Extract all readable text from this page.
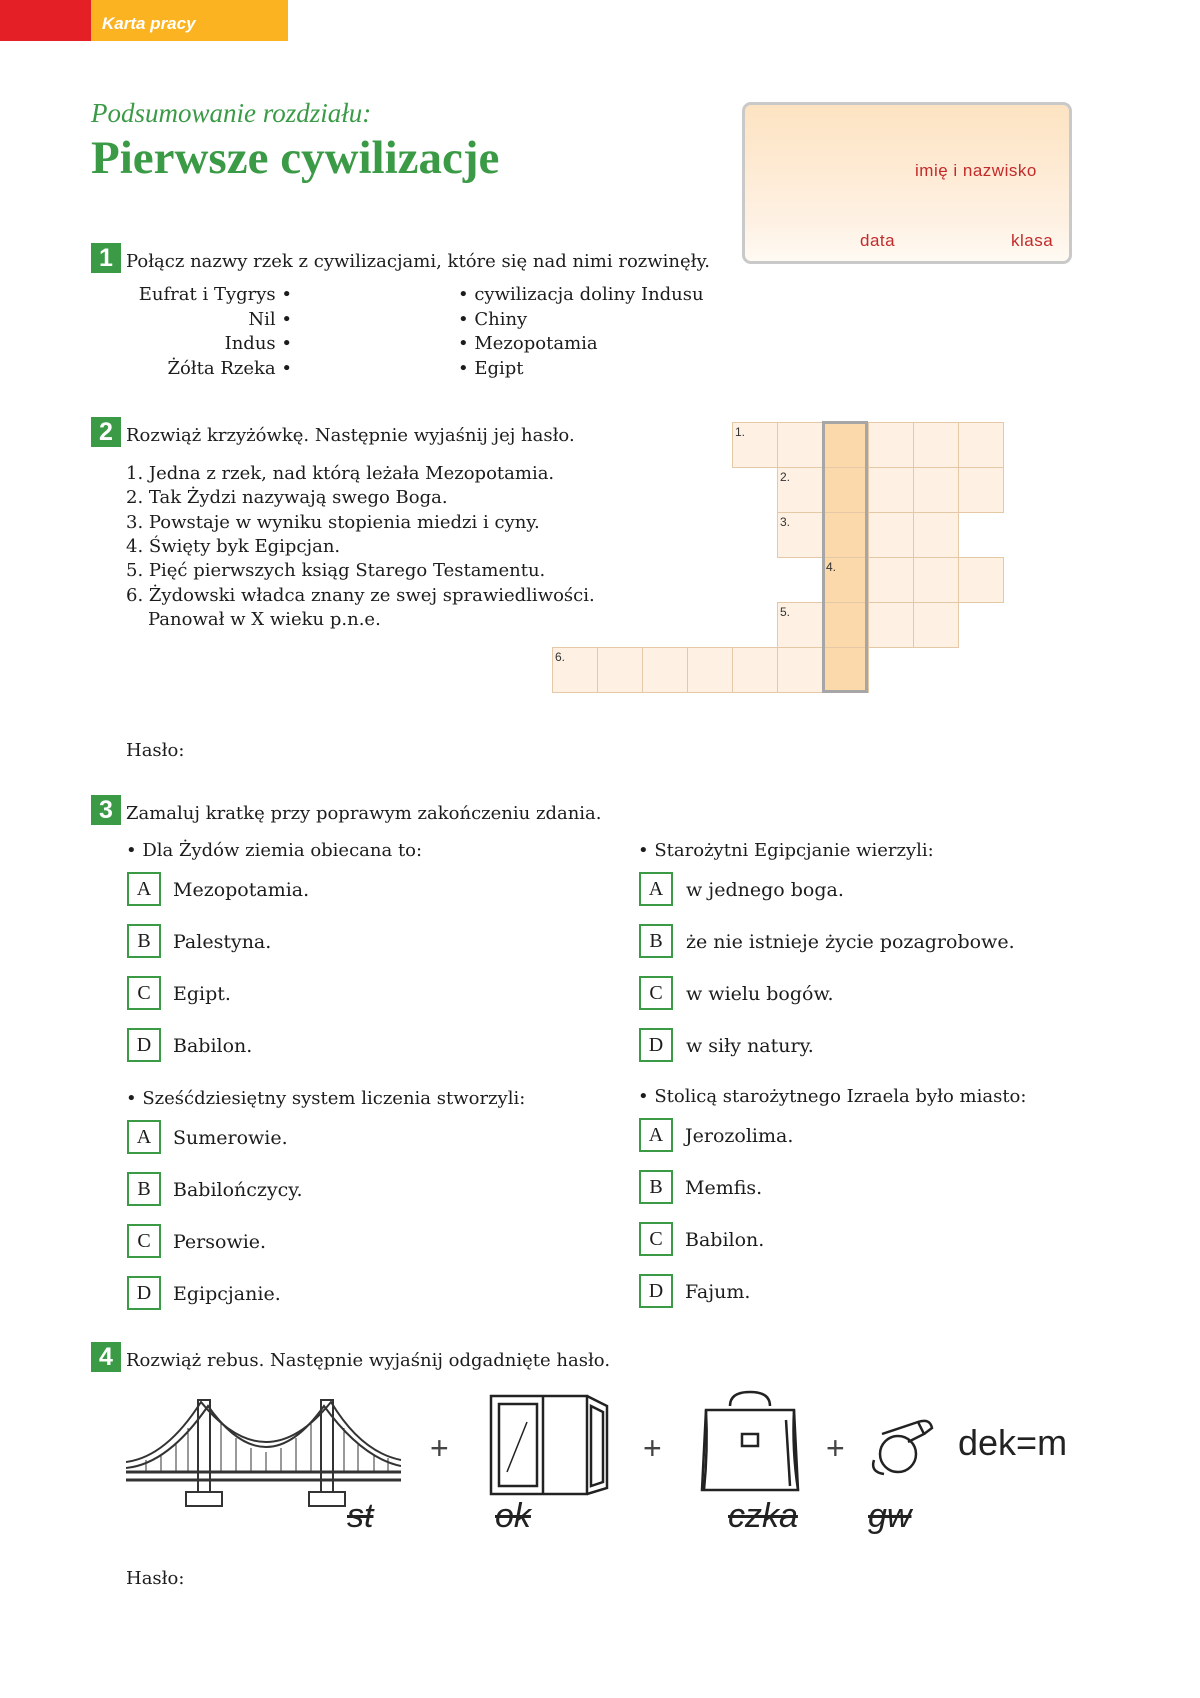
Karta pracy
Podsumowanie rozdziału:
Pierwsze cywilizacje	imię i nazwisko
data	klasa
1 Połącz nazwy rzek z cywilizacjami, które się nad nimi rozwinęły.
Eufrat i Tygrys •
Nil •
Indus •
Żółta Rzeka •
• cywilizacja doliny Indusu
• Chiny
• Mezopotamia
• Egipt
2 Rozwiąż krzyżówkę. Następnie wyjaśnij jej hasło.
1. Jedna z rzek, nad którą leżała Mezopotamia.
2. Tak Żydzi nazywają swego Boga.
3. Powstaje w wyniku stopienia miedzi i cyny.
4. Święty byk Egipcjan.
5. Pięć pierwszych ksiąg Starego Testamentu.
6. Żydowski władca znany ze swej sprawiedliwości.
Panował w X wieku p.n.e.
1.
2.
3.
4.
5.
6.
Hasło:
3 Zamaluj kratkę przy poprawym zakończeniu zdania.
• Dla Żydów ziemia obiecana to:
A	Mezopotamia.
B	Palestyna.
C	Egipt.
D	Babilon.
• Starożytni Egipcjanie wierzyli:
A	w jednego boga.
B	że nie istnieje życie pozagrobowe.
C	w wielu bogów.
D	w siły natury.
• Sześćdziesiętny system liczenia stworzyli:
A	Sumerowie.
B	Babilończycy.
C	Persowie.
D	Egipcjanie.
• Stolicą starożytnego Izraela było miasto:
A	Jerozolima.
B	Memfis.
C	Babilon.
D	Fajum.
4 Rozwiąż rebus. Następnie wyjaśnij odgadnięte hasło.
st
+
ok
+
czka
+
gw
dek=m
Hasło:
